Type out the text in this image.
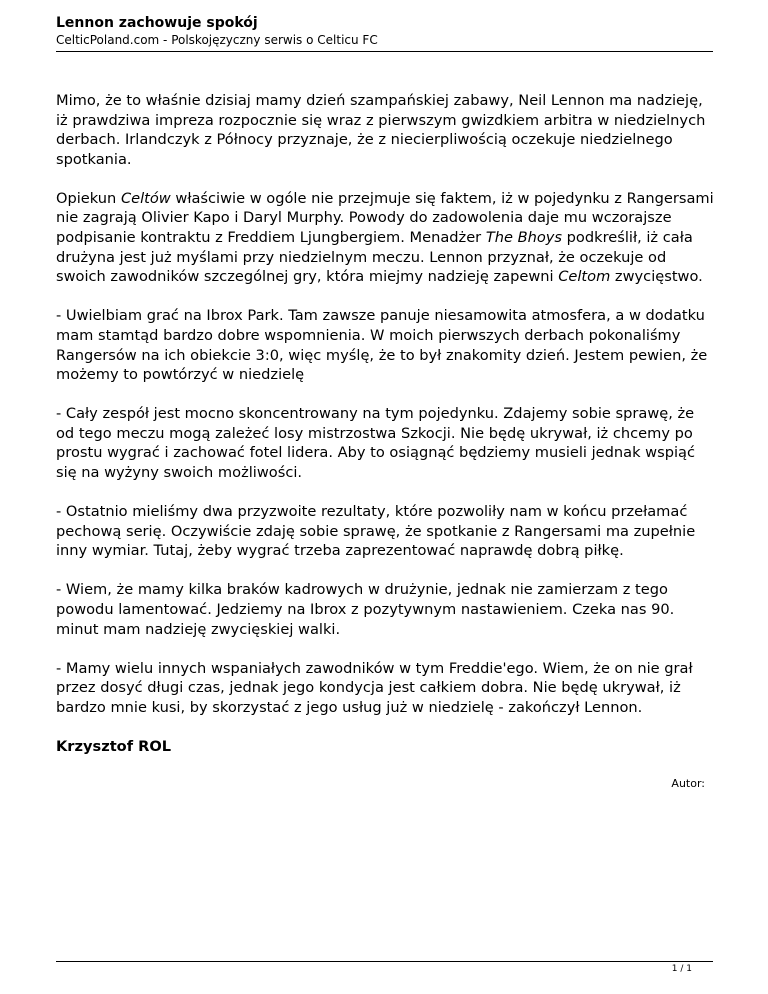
Lennon zachowuje spokój

CelticPoland.com - Polskojęzyczny serwis o Celticu FC

Mimo, że to właśnie dzisiaj mamy dzień szampańskiej zabawy, Neil Lennon ma nadzieję, iż prawdziwa impreza rozpocznie się wraz z pierwszym gwizdkiem arbitra w niedzielnych derbach. Irlandczyk z Północy przyznaje, że z niecierpliwością oczekuje niedzielnego spotkania.

Opiekun Celtów właściwie w ogóle nie przejmuje się faktem, iż w pojedynku z Rangersami nie zagrają Olivier Kapo i Daryl Murphy. Powody do zadowolenia daje mu wczorajsze podpisanie kontraktu z Freddiem Ljungbergiem. Menadżer The Bhoys podkreślił, iż cała drużyna jest już myślami przy niedzielnym meczu. Lennon przyznał, że oczekuje od swoich zawodników szczególnej gry, która miejmy nadzieję zapewni Celtom zwycięstwo.

- Uwielbiam grać na Ibrox Park. Tam zawsze panuje niesamowita atmosfera, a w dodatku mam stamtąd bardzo dobre wspomnienia. W moich pierwszych derbach pokonaliśmy Rangersów na ich obiekcie 3:0, więc myślę, że to był znakomity dzień. Jestem pewien, że możemy to powtórzyć w niedzielę

- Cały zespół jest mocno skoncentrowany na tym pojedynku. Zdajemy sobie sprawę, że od tego meczu mogą zależeć losy mistrzostwa Szkocji. Nie będę ukrywał, iż chcemy po prostu wygrać i zachować fotel lidera. Aby to osiągnąć będziemy musieli jednak wspiąć się na wyżyny swoich możliwości.

- Ostatnio mieliśmy dwa przyzwoite rezultaty, które pozwoliły nam w końcu przełamać pechową serię. Oczywiście zdaję sobie sprawę, że spotkanie z Rangersami ma zupełnie inny wymiar. Tutaj, żeby wygrać trzeba zaprezentować naprawdę dobrą piłkę.

- Wiem, że mamy kilka braków kadrowych w drużynie, jednak nie zamierzam z tego powodu lamentować. Jedziemy na Ibrox z pozytywnym nastawieniem. Czeka nas 90. minut mam nadzieję zwycięskiej walki.

- Mamy wielu innych wspaniałych zawodników w tym Freddie'ego. Wiem, że on nie grał przez dosyć długi czas, jednak jego kondycja jest całkiem dobra. Nie będę ukrywał, iż bardzo mnie kusi, by skorzystać z jego usług już w niedzielę - zakończył Lennon.

Krzysztof ROL

Autor:
1 / 1
